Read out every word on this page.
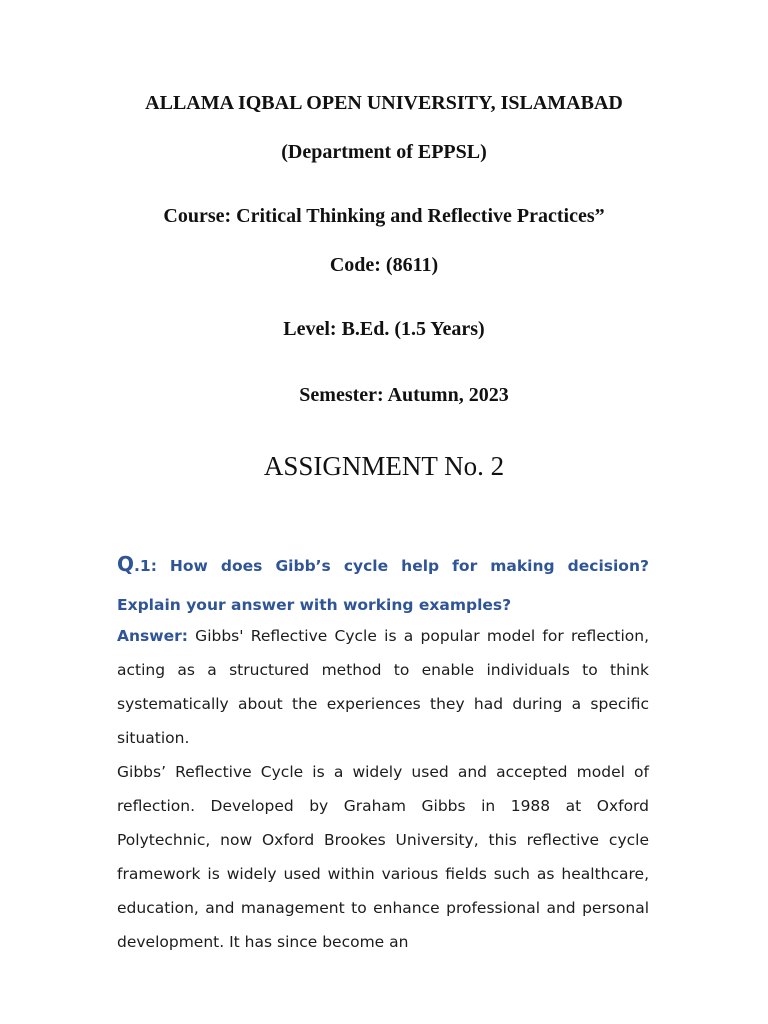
ALLAMA IQBAL OPEN UNIVERSITY, ISLAMABAD
(Department of EPPSL)
Course: Critical Thinking and Reflective Practices”
Code: (8611)
Level: B.Ed. (1.5 Years)
Semester: Autumn, 2023
ASSIGNMENT No. 2
Q.1: How does Gibb’s cycle help for making decision? Explain your answer with working examples?

Answer: Gibbs' Reflective Cycle is a popular model for reflection, acting as a structured method to enable individuals to think systematically about the experiences they had during a specific situation.

Gibbs’ Reflective Cycle is a widely used and accepted model of reflection. Developed by Graham Gibbs in 1988 at Oxford Polytechnic, now Oxford Brookes University, this reflective cycle framework is widely used within various fields such as healthcare, education, and management to enhance professional and personal development. It has since become an
